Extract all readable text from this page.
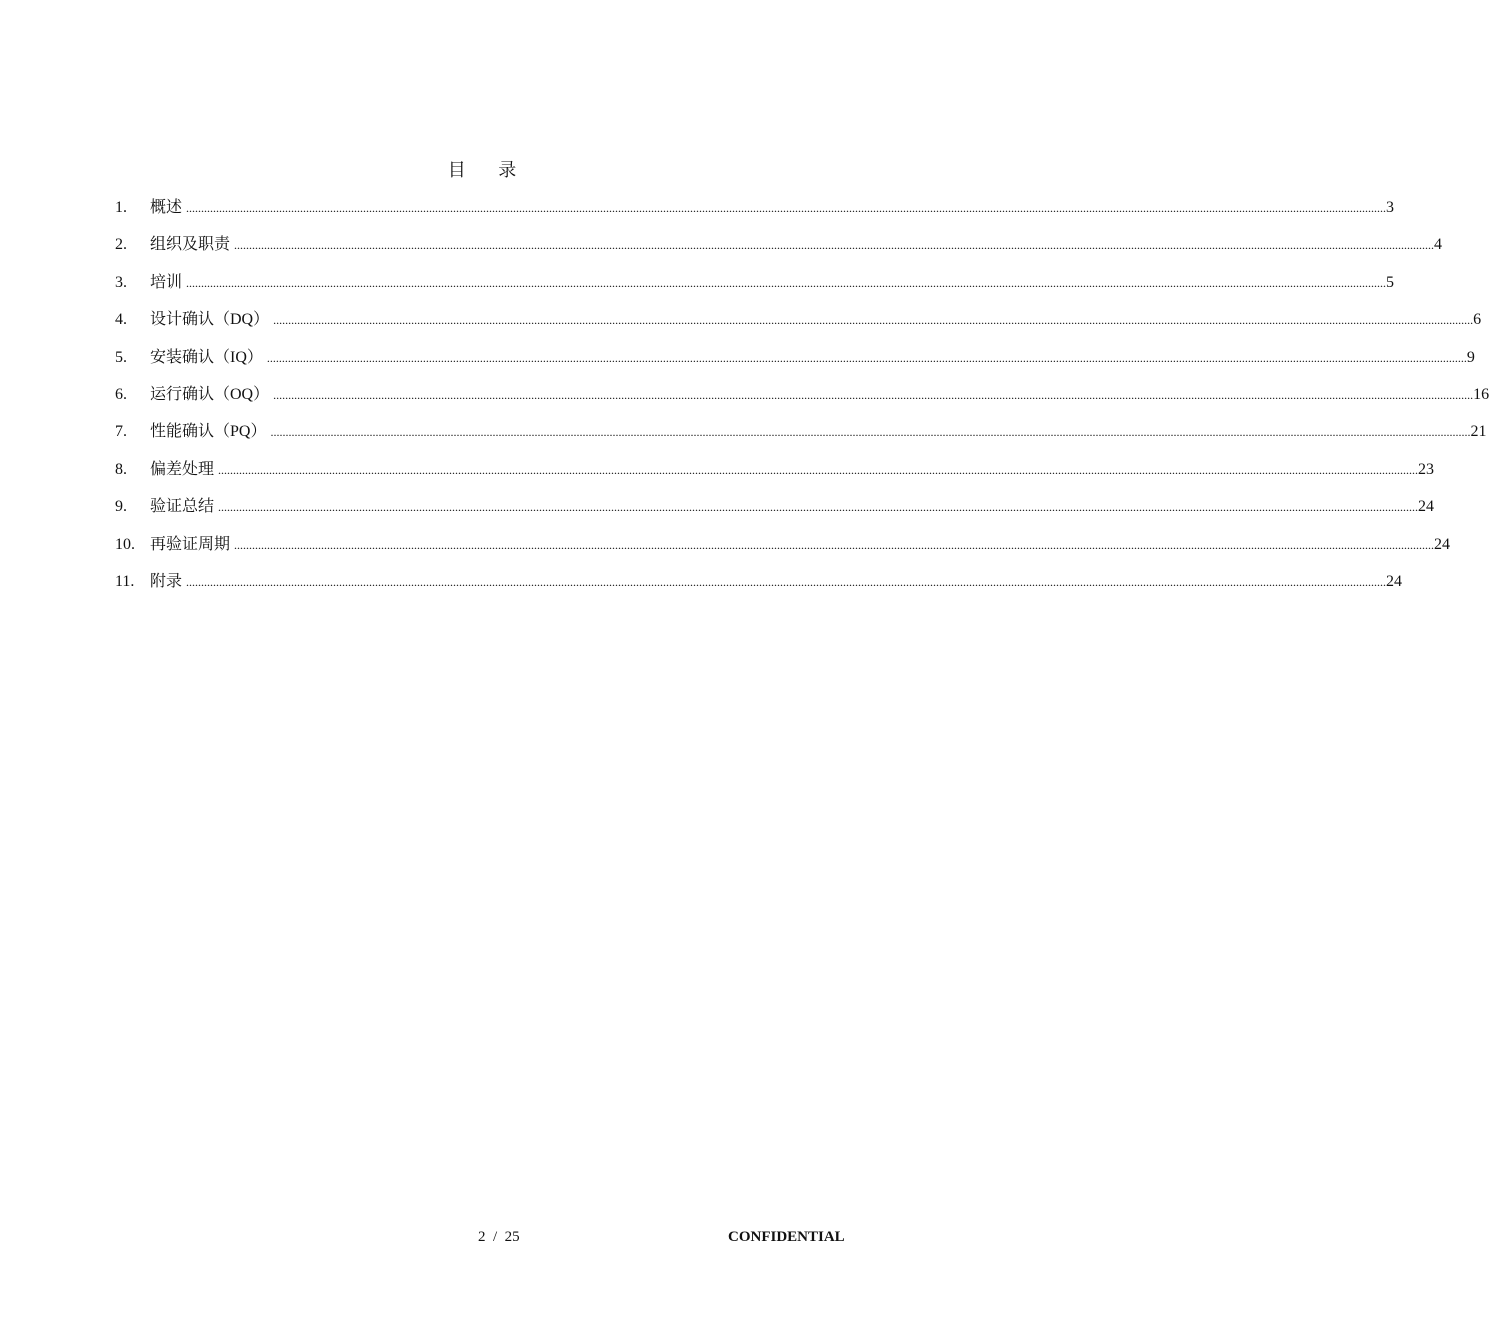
目 录
1. 概述 ................................................................................................................................................................................................................................................................................................................................................................................................................ 3
2. 组织及职责 ................................................................................................................................................................................................................................................................................................................................................................................................................ 4
3. 培训 ................................................................................................................................................................................................................................................................................................................................................................................................................ 5
4. 设计确认（DQ） ................................................................................................................................................................................................................................................................................................................................................................................................................ 6
5. 安装确认（IQ） ................................................................................................................................................................................................................................................................................................................................................................................................................ 9
6. 运行确认（OQ） ................................................................................................................................................................................................................................................................................................................................................................................................................ 16
7. 性能确认（PQ） ................................................................................................................................................................................................................................................................................................................................................................................................................ 21
8. 偏差处理 ................................................................................................................................................................................................................................................................................................................................................................................................................ 23
9. 验证总结 ................................................................................................................................................................................................................................................................................................................................................................................................................ 24
10. 再验证周期 ................................................................................................................................................................................................................................................................................................................................................................................................................ 24
11. 附录 ................................................................................................................................................................................................................................................................................................................................................................................................................ 24
2  /  25	CONFIDENTIAL
